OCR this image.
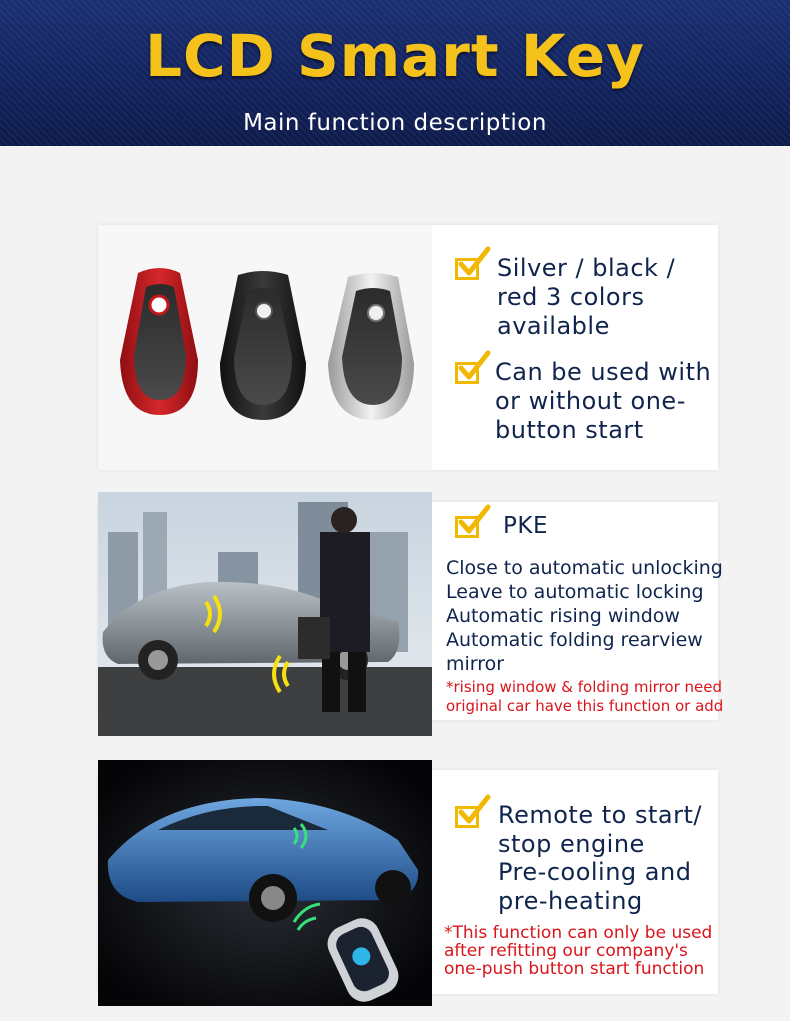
LCD Smart Key
Main function description
Silver / black / red 3 colors available
Can be used with or without one-button start
PKE
Close to automatic unlocking
Leave to automatic locking
Automatic rising window
Automatic folding rearview
mirror
*rising window & folding mirror need
original car have this function or add
Remote to start/
stop engine
Pre-cooling and
pre-heating
*This function can only be used
after refitting our company's
one-push button start function
